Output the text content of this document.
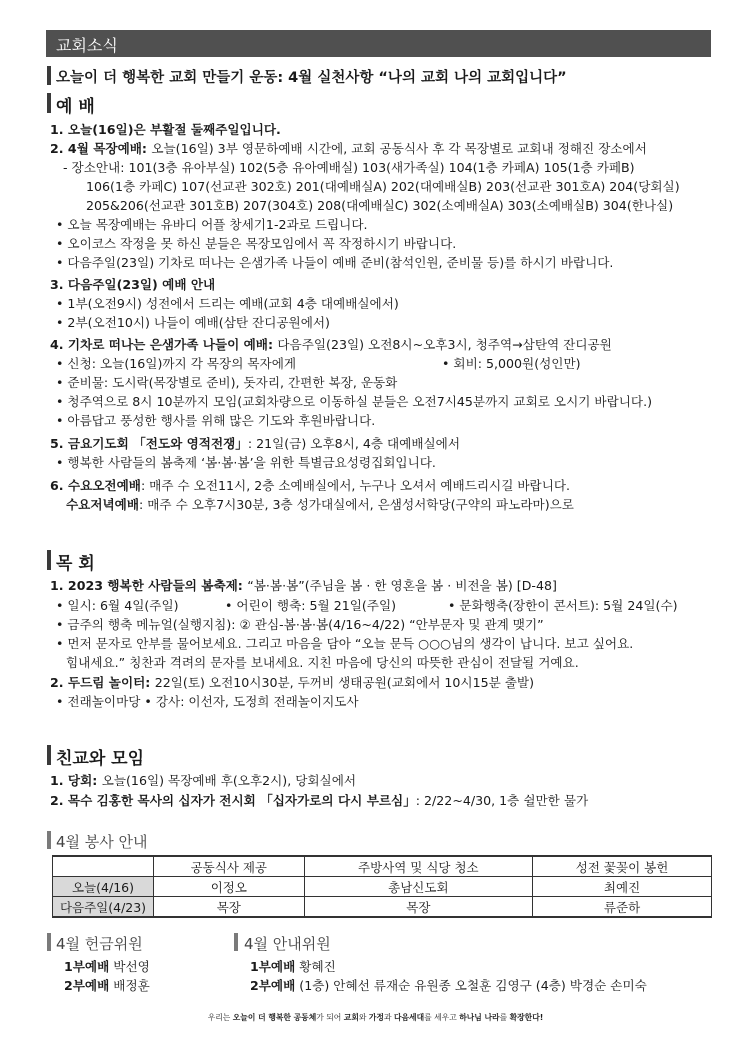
교회소식
오늘이 더 행복한 교회 만들기 운동: 4월 실천사항 “나의 교회 나의 교회입니다”
예 배
1. 오늘(16일)은 부활절 둘째주일입니다.
2. 4월 목장예배: 오늘(16일) 3부 영문하예배 시간에, 교회 공동식사 후 각 목장별로 교회내 정해진 장소에서
- 장소안내: 101(3층 유아부실) 102(5층 유아예배실) 103(새가족실) 104(1층 카페A) 105(1층 카페B)
106(1층 카페C) 107(선교관 302호) 201(대예배실A) 202(대예배실B) 203(선교관 301호A) 204(당회실)
205&206(선교관 301호B) 207(304호) 208(대예배실C) 302(소예배실A) 303(소예배실B) 304(한나실)
• 오늘 목장예배는 유바디 어플 창세기1-2과로 드립니다.
• 오이코스 작정을 못 하신 분들은 목장모임에서 꼭 작정하시기 바랍니다.
• 다음주일(23일) 기차로 떠나는 은샘가족 나들이 예배 준비(참석인원, 준비물 등)를 하시기 바랍니다.
3. 다음주일(23일) 예배 안내
• 1부(오전9시) 성전에서 드리는 예배(교회 4층 대예배실에서)
• 2부(오전10시) 나들이 예배(삼탄 잔디공원에서)
4. 기차로 떠나는 은샘가족 나들이 예배: 다음주일(23일) 오전8시~오후3시, 청주역→삼탄역 잔디공원
• 신청: 오늘(16일)까지 각 목장의 목자에게	• 회비: 5,000원(성인만)
• 준비물: 도시락(목장별로 준비), 돗자리, 간편한 복장, 운동화
• 청주역으로 8시 10분까지 모임(교회차량으로 이동하실 분들은 오전7시45분까지 교회로 오시기 바랍니다.)
• 아름답고 풍성한 행사를 위해 많은 기도와 후원바랍니다.
5. 금요기도회 「전도와 영적전쟁」: 21일(금) 오후8시, 4층 대예배실에서
• 행복한 사람들의 봄축제 ‘봄·봄·봄’을 위한 특별금요성령집회입니다.
6. 수요오전예배: 매주 수 오전11시, 2층 소예배실에서, 누구나 오셔서 예배드리시길 바랍니다.
수요저녁예배: 매주 수 오후7시30분, 3층 성가대실에서, 은샘성서학당(구약의 파노라마)으로
목 회
1. 2023 행복한 사람들의 봄축제: “봄·봄·봄”(주님을 봄 · 한 영혼을 봄 · 비전을 봄) [D-48]
• 일시: 6월 4일(주일)	• 어린이 행축: 5월 21일(주일)	• 문화행축(장한이 콘서트): 5월 24일(수)
• 금주의 행축 메뉴얼(실행지침): ② 관심-봄·봄·봄(4/16~4/22) “안부문자 및 관계 맺기”
• 먼저 문자로 안부를 물어보세요. 그리고 마음을 담아 “오늘 문득 ○○○님의 생각이 납니다. 보고 싶어요.
힘내세요.” 칭찬과 격려의 문자를 보내세요. 지친 마음에 당신의 따뜻한 관심이 전달될 거예요.
2. 두드림 놀이터: 22일(토) 오전10시30분, 두꺼비 생태공원(교회에서 10시15분 출발)
• 전래놀이마당 • 강사: 이선자, 도정희 전래놀이지도사
친교와 모임
1. 당회: 오늘(16일) 목장예배 후(오후2시), 당회실에서
2. 목수 김홍한 목사의 십자가 전시회 「십자가로의 다시 부르심」: 2/22~4/30, 1층 쉴만한 물가
4월 봉사 안내
	공동식사 제공	주방사역 및 식당 청소	성전 꽃꽂이 봉헌
오늘(4/16)	이정오	총남신도회	최예진
다음주일(4/23)	목장	목장	류준하
4월 헌금위원
1부예배 박선영
2부예배 배정훈
4월 안내위원
1부예배 황혜진
2부예배 (1층) 안혜선 류재순 유원종 오철훈 김영구 (4층) 박경순 손미숙
우리는 오늘이 더 행복한 공동체가 되어 교회와 가정과 다음세대를 세우고 하나님 나라를 확장한다!
